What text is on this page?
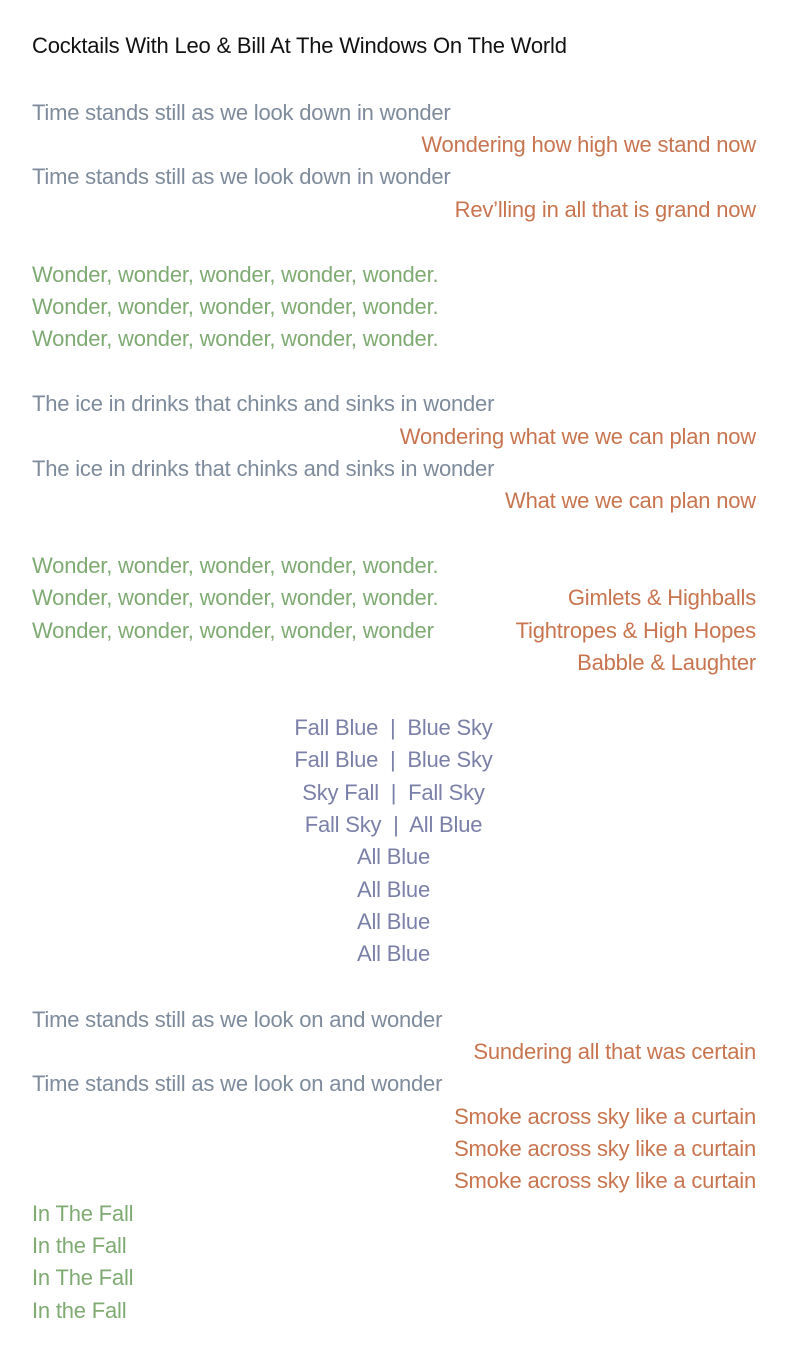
Cocktails With Leo & Bill At The Windows On The World
Time stands still as we look down in wonder
Wondering how high we stand now
Time stands still as we look down in wonder
Rev’lling in all that is grand now
Wonder, wonder, wonder, wonder, wonder.
Wonder, wonder, wonder, wonder, wonder.
Wonder, wonder, wonder, wonder, wonder.
The ice in drinks that chinks and sinks in wonder
Wondering what we we can plan now
The ice in drinks that chinks and sinks in wonder
What we we can plan now
Wonder, wonder, wonder, wonder, wonder.
Wonder, wonder, wonder, wonder, wonder.	Gimlets & Highballs
Wonder, wonder, wonder, wonder, wonder	Tightropes & High Hopes
Babble & Laughter
Fall Blue  |  Blue Sky
Fall Blue  |  Blue Sky
Sky Fall  |  Fall Sky
Fall Sky  |  All Blue
All Blue
All Blue
All Blue
All Blue
Time stands still as we look on and wonder
Sundering all that was certain
Time stands still as we look on and wonder
Smoke across sky like a curtain
Smoke across sky like a curtain
Smoke across sky like a curtain
In The Fall
In the Fall
In The Fall
In the Fall
